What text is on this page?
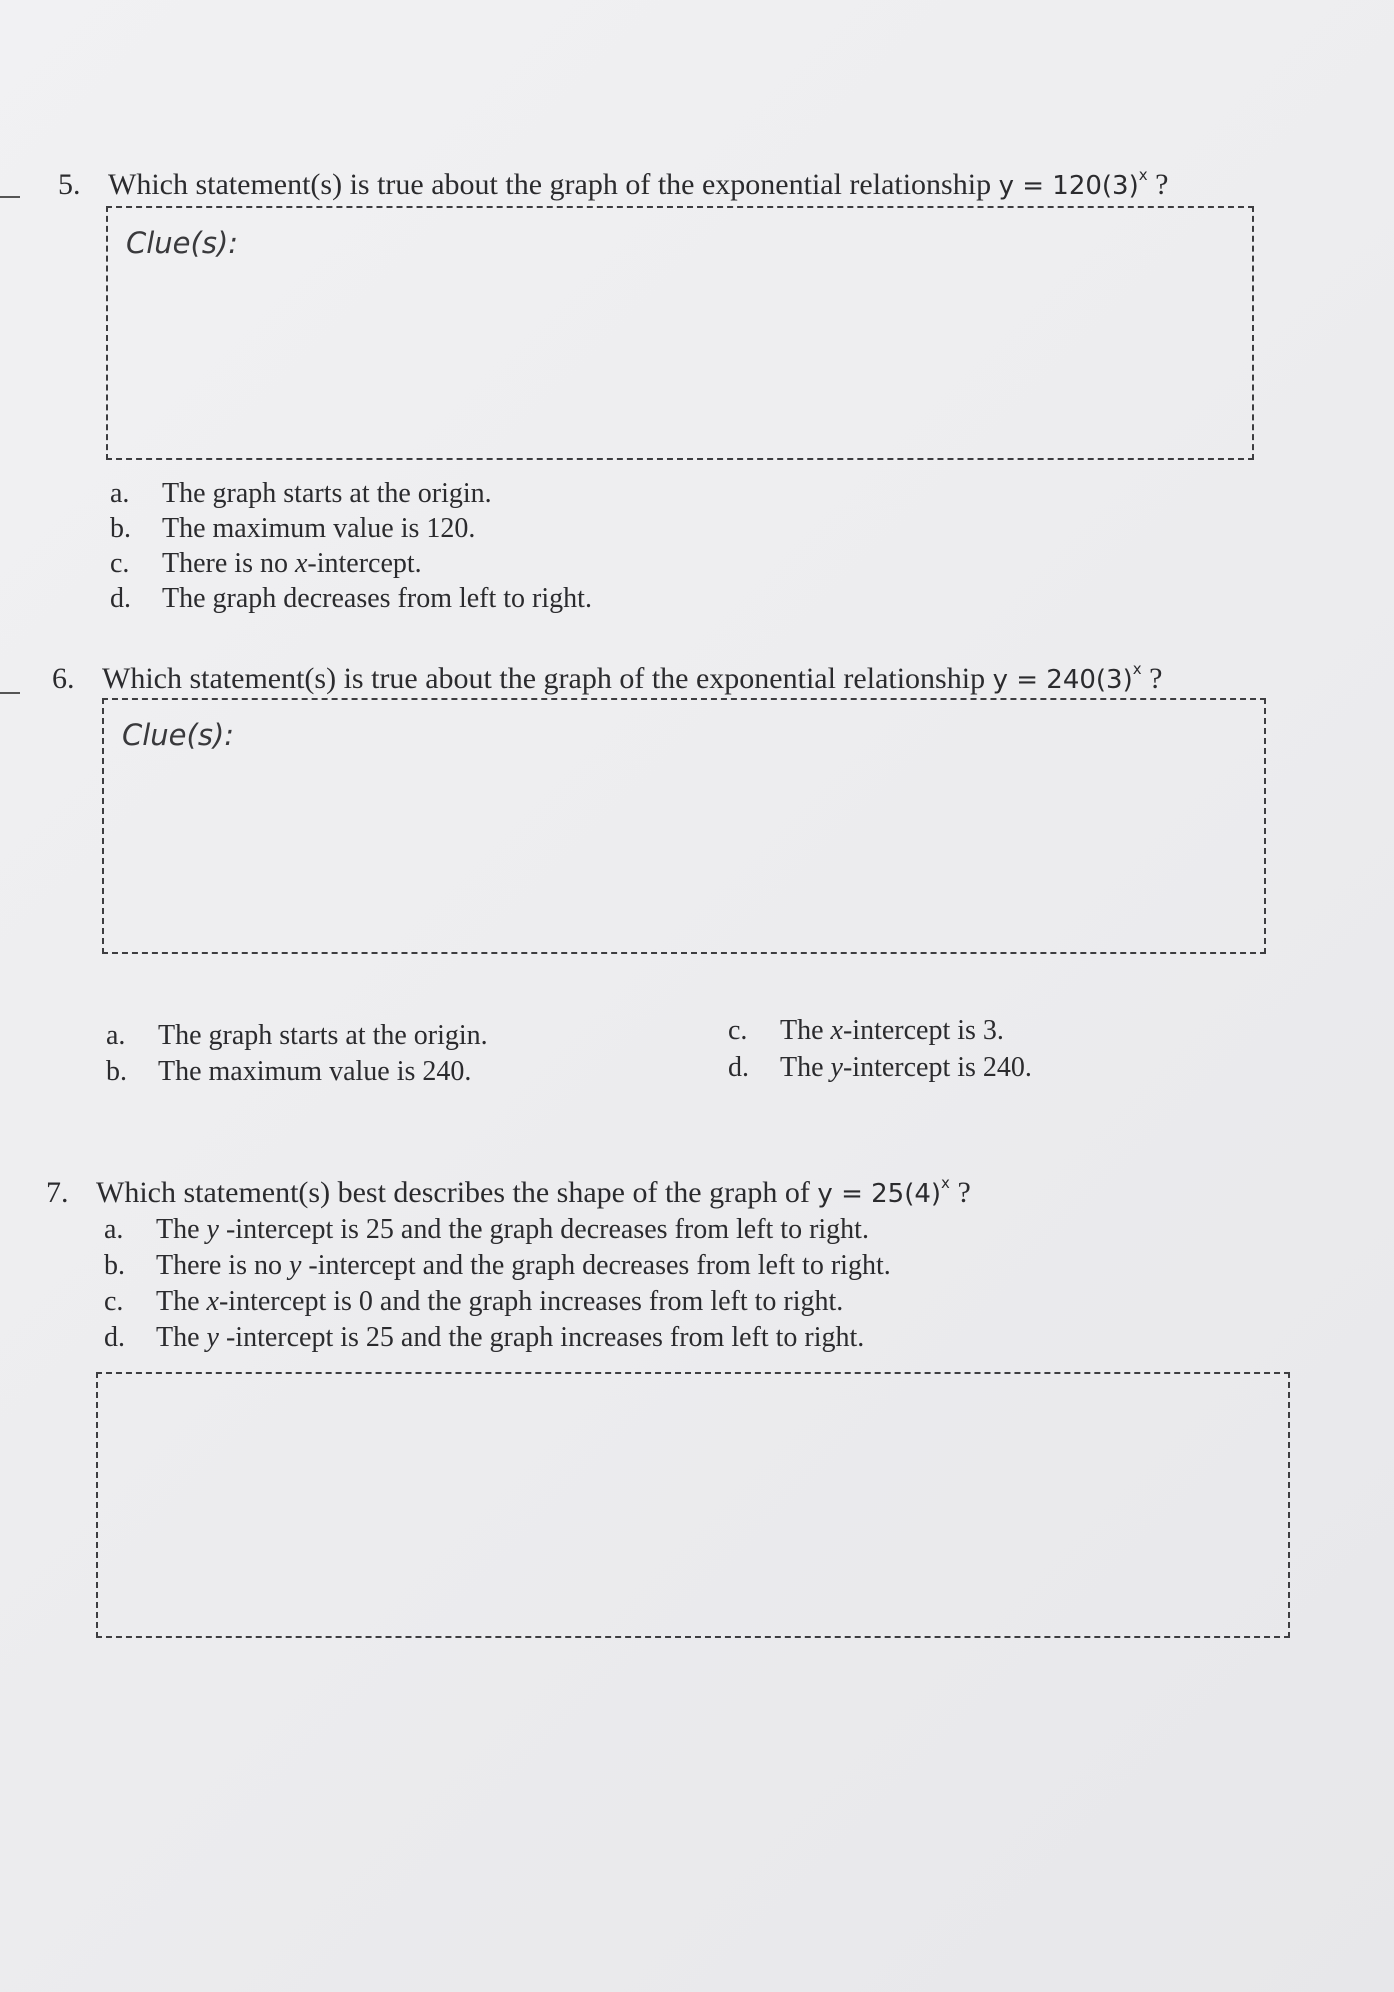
5. Which statement(s) is true about the graph of the exponential relationship $y = 120(3)^x$ ?
Clue(s):
a. The graph starts at the origin.
b. The maximum value is 120.
c. There is no x-intercept.
d. The graph decreases from left to right.
6. Which statement(s) is true about the graph of the exponential relationship $y = 240(3)^x$ ?
Clue(s):
a. The graph starts at the origin.
b. The maximum value is 240.
c. The x-intercept is 3.
d. The y-intercept is 240.
7. Which statement(s) best describes the shape of the graph of $y = 25(4)^x$ ?
a. The y -intercept is 25 and the graph decreases from left to right.
b. There is no y -intercept and the graph decreases from left to right.
c. The x-intercept is 0 and the graph increases from left to right.
d. The y -intercept is 25 and the graph increases from left to right.
